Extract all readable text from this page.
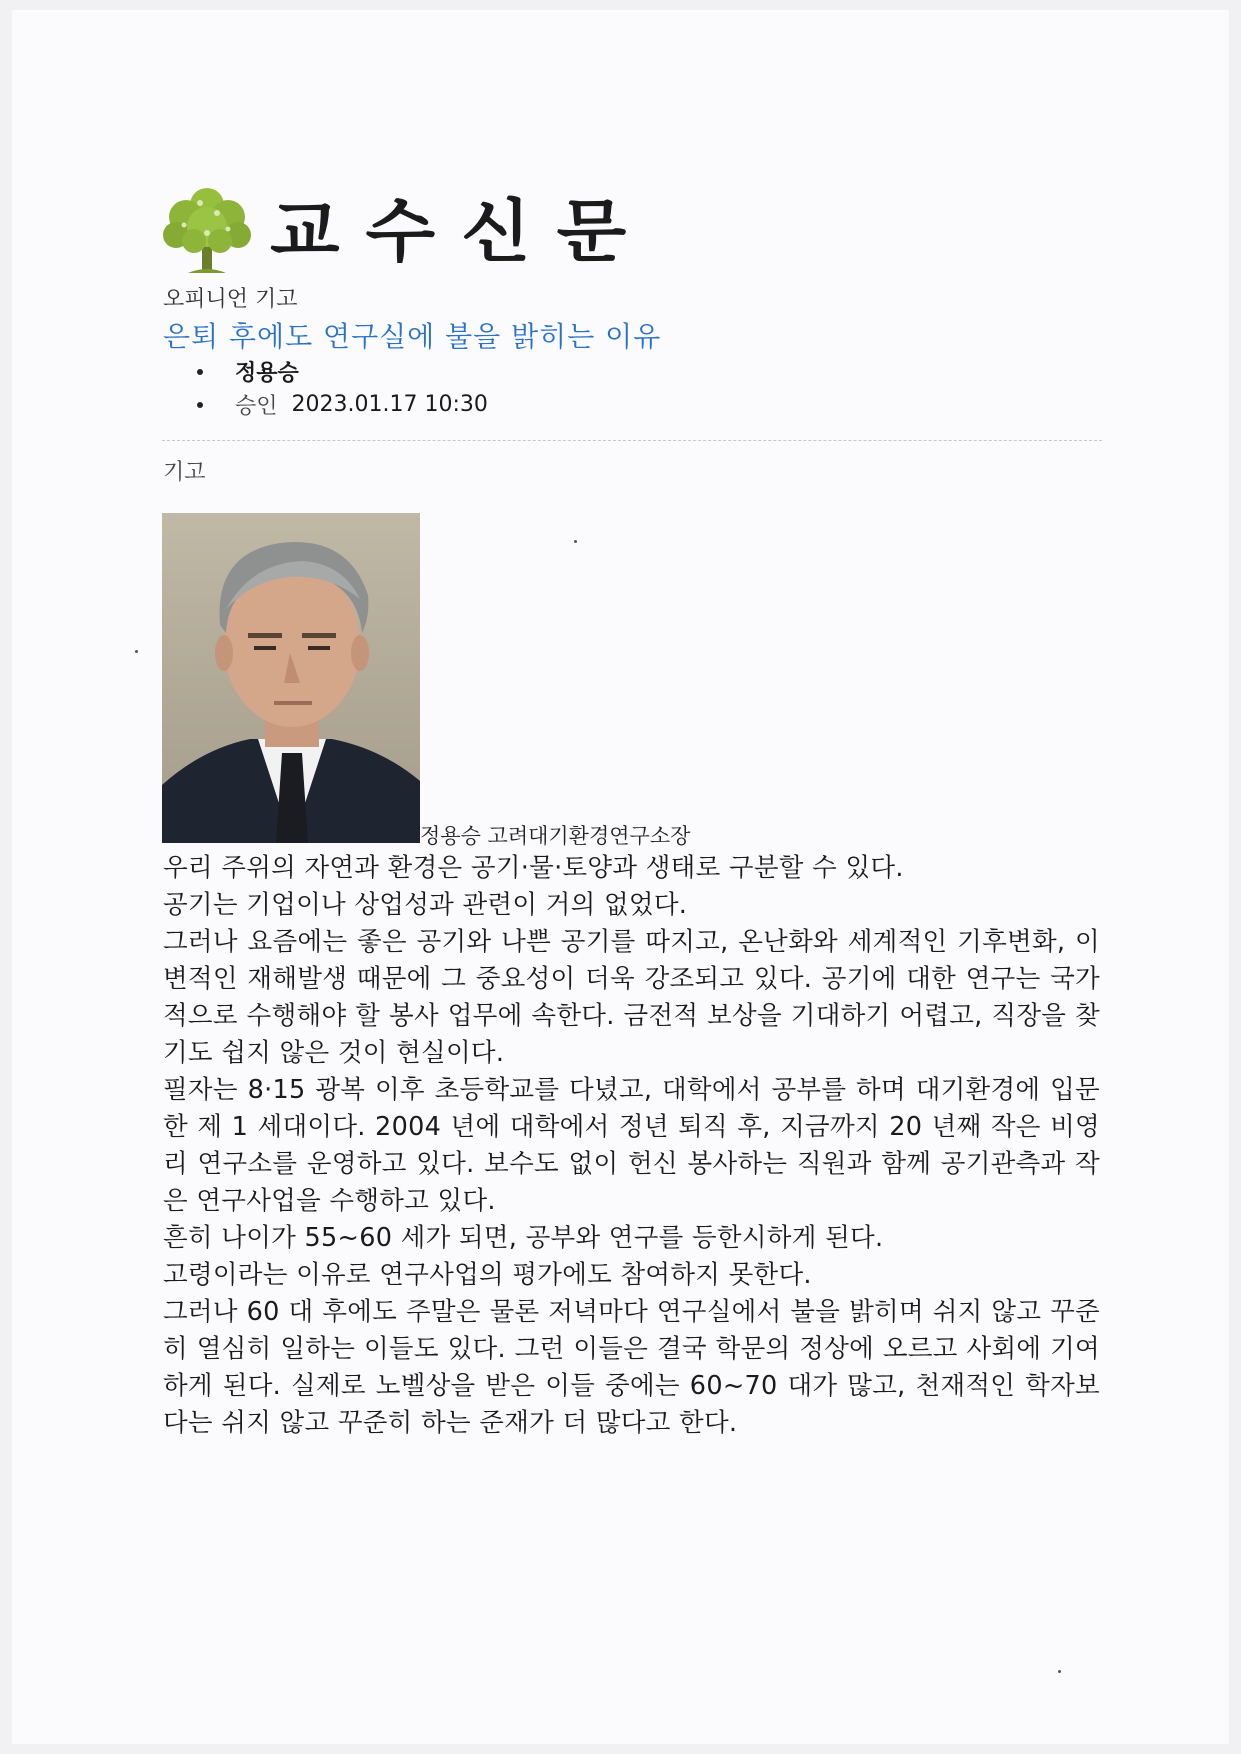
교수신문
오피니언 기고
은퇴 후에도 연구실에 불을 밝히는 이유
정용승
승인 2023.01.17 10:30
기고
정용승 고려대기환경연구소장

우리 주위의 자연과 환경은 공기·물·토양과 생태로 구분할 수 있다.

공기는 기업이나 상업성과 관련이 거의 없었다.

그러나 요즘에는 좋은 공기와 나쁜 공기를 따지고, 온난화와 세계적인 기후변화, 이변적인 재해발생 때문에 그 중요성이 더욱 강조되고 있다. 공기에 대한 연구는 국가적으로 수행해야 할 봉사 업무에 속한다. 금전적 보상을 기대하기 어렵고, 직장을 찾기도 쉽지 않은 것이 현실이다.

필자는 8·15 광복 이후 초등학교를 다녔고, 대학에서 공부를 하며 대기환경에 입문한 제 1 세대이다. 2004 년에 대학에서 정년 퇴직 후, 지금까지 20 년째 작은 비영리 연구소를 운영하고 있다. 보수도 없이 헌신 봉사하는 직원과 함께 공기관측과 작은 연구사업을 수행하고 있다.

흔히 나이가 55~60 세가 되면, 공부와 연구를 등한시하게 된다.

고령이라는 이유로 연구사업의 평가에도 참여하지 못한다.

그러나 60 대 후에도 주말은 물론 저녁마다 연구실에서 불을 밝히며 쉬지 않고 꾸준히 열심히 일하는 이들도 있다. 그런 이들은 결국 학문의 정상에 오르고 사회에 기여하게 된다. 실제로 노벨상을 받은 이들 중에는 60~70 대가 많고, 천재적인 학자보다는 쉬지 않고 꾸준히 하는 준재가 더 많다고 한다.
